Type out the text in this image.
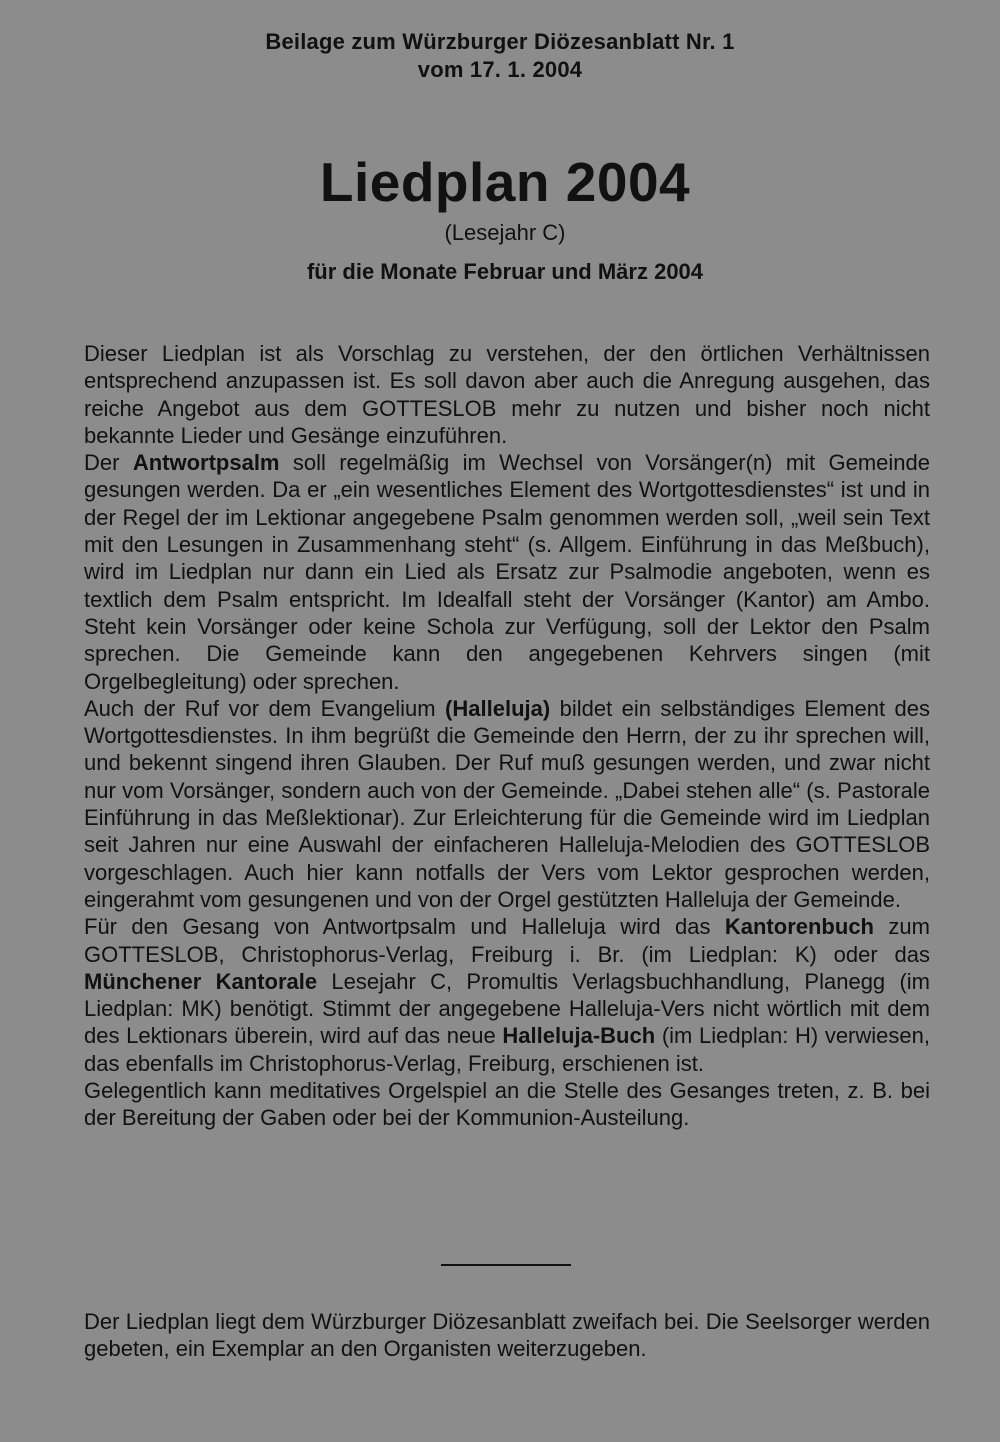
Beilage zum Würzburger Diözesanblatt Nr. 1
vom 17. 1. 2004
Liedplan 2004
(Lesejahr C)
für die Monate Februar und März 2004

Dieser Liedplan ist als Vorschlag zu verstehen, der den örtlichen Verhältnissen entsprechend anzupassen ist. Es soll davon aber auch die Anregung ausgehen, das reiche Angebot aus dem GOTTESLOB mehr zu nutzen und bisher noch nicht bekannte Lieder und Gesänge einzuführen.

Der Antwortpsalm soll regelmäßig im Wechsel von Vorsänger(n) mit Gemeinde gesungen werden. Da er „ein wesentliches Element des Wortgottesdienstes“ ist und in der Regel der im Lektionar angegebene Psalm genommen werden soll, „weil sein Text mit den Lesungen in Zusammenhang steht“ (s. Allgem. Einführung in das Meßbuch), wird im Liedplan nur dann ein Lied als Ersatz zur Psalmodie angeboten, wenn es textlich dem Psalm entspricht. Im Idealfall steht der Vorsänger (Kantor) am Ambo. Steht kein Vorsänger oder keine Schola zur Verfügung, soll der Lektor den Psalm sprechen. Die Gemeinde kann den angegebenen Kehrvers singen (mit Orgelbegleitung) oder sprechen.

Auch der Ruf vor dem Evangelium (Halleluja) bildet ein selbständiges Element des Wortgottesdienstes. In ihm begrüßt die Gemeinde den Herrn, der zu ihr sprechen will, und bekennt singend ihren Glauben. Der Ruf muß gesungen werden, und zwar nicht nur vom Vorsänger, sondern auch von der Gemeinde. „Dabei stehen alle“ (s. Pastorale Einführung in das Meßlektionar). Zur Erleichterung für die Gemeinde wird im Liedplan seit Jahren nur eine Auswahl der einfacheren Halleluja-Melodien des GOTTESLOB vorgeschlagen. Auch hier kann notfalls der Vers vom Lektor gesprochen werden, eingerahmt vom gesungenen und von der Orgel gestützten Halleluja der Gemeinde.

Für den Gesang von Antwortpsalm und Halleluja wird das Kantorenbuch zum GOTTESLOB, Christophorus-Verlag, Freiburg i. Br. (im Liedplan: K) oder das Münchener Kantorale Lesejahr C, Promultis Verlagsbuchhandlung, Planegg (im Liedplan: MK) benötigt. Stimmt der angegebene Halleluja-Vers nicht wörtlich mit dem des Lektionars überein, wird auf das neue Halleluja-Buch (im Liedplan: H) verwiesen, das ebenfalls im Christophorus-Verlag, Freiburg, erschienen ist.

Gelegentlich kann meditatives Orgelspiel an die Stelle des Gesanges treten, z. B. bei der Bereitung der Gaben oder bei der Kommunion-Austeilung.

Der Liedplan liegt dem Würzburger Diözesanblatt zweifach bei. Die Seelsorger werden gebeten, ein Exemplar an den Organisten weiterzugeben.
